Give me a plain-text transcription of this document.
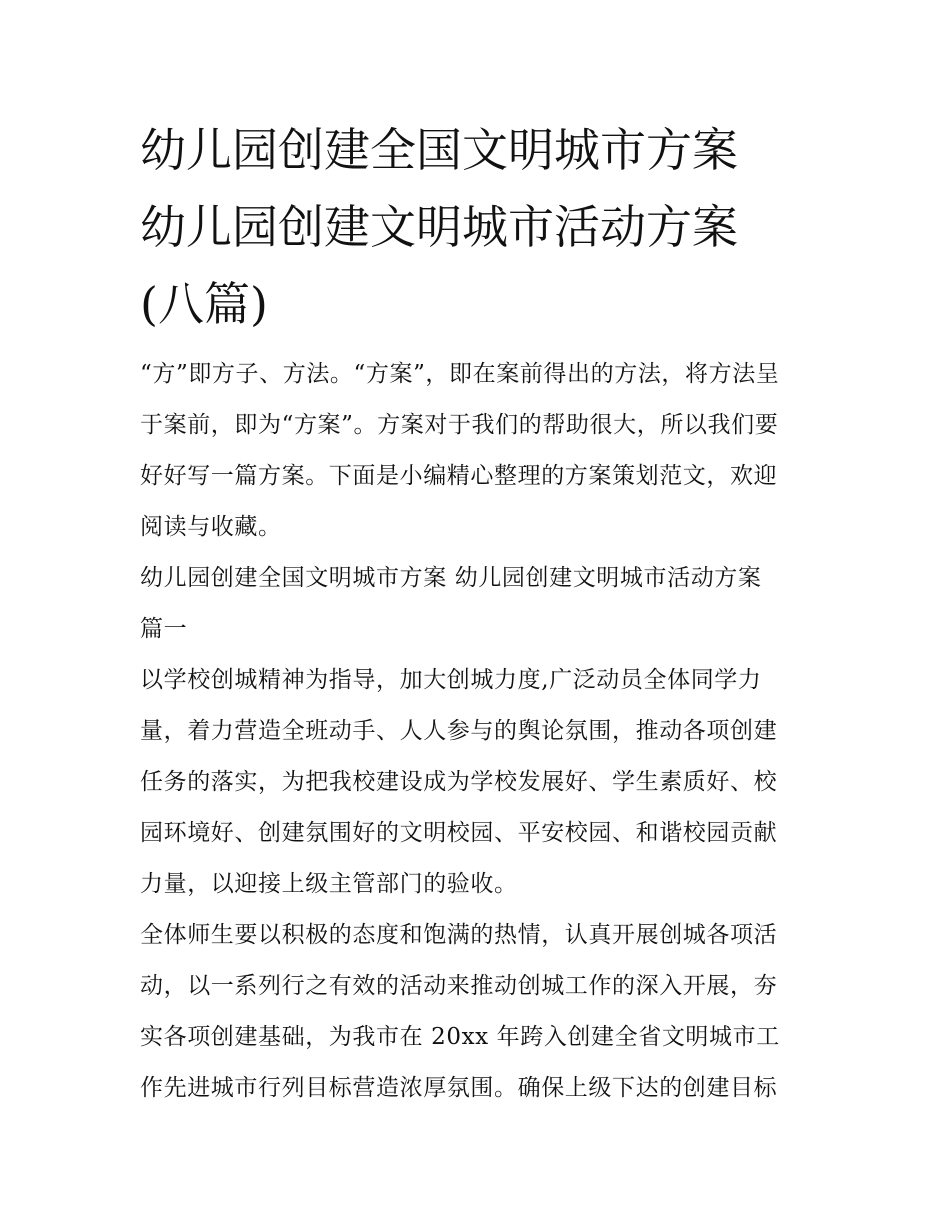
幼儿园创建全国文明城市方案
幼儿园创建文明城市活动方案
(八篇)

“方”即方子、方法。“方案”，即在案前得出的方法，将方法呈
于案前，即为“方案”。方案对于我们的帮助很大，所以我们要
好好写一篇方案。下面是小编精心整理的方案策划范文，欢迎
阅读与收藏。

幼儿园创建全国文明城市方案 幼儿园创建文明城市活动方案
篇一

以学校创城精神为指导，加大创城力度,广泛动员全体同学力
量，着力营造全班动手、人人参与的舆论氛围，推动各项创建
任务的落实，为把我校建设成为学校发展好、学生素质好、校
园环境好、创建氛围好的文明校园、平安校园、和谐校园贡献
力量，以迎接上级主管部门的验收。

全体师生要以积极的态度和饱满的热情，认真开展创城各项活
动，以一系列行之有效的活动来推动创城工作的深入开展，夯
实各项创建基础，为我市在 20xx 年跨入创建全省文明城市工
作先进城市行列目标营造浓厚氛围。确保上级下达的创建目标
